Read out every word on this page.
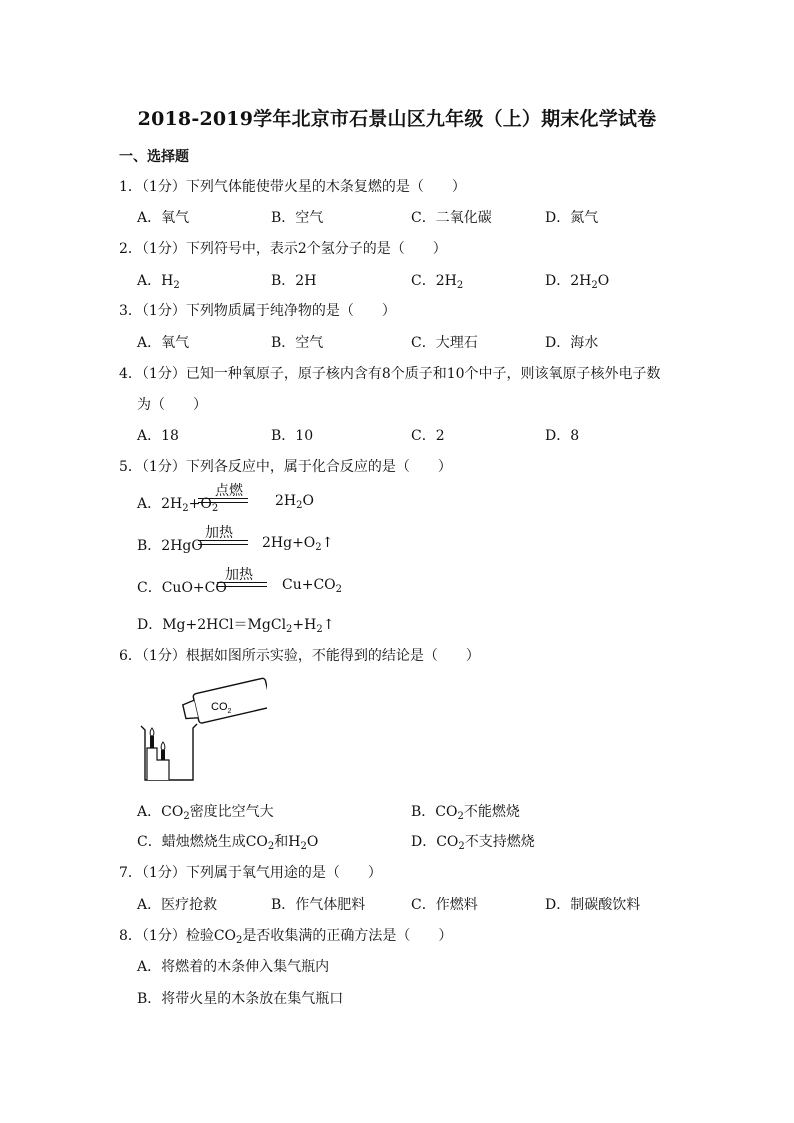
2018-2019学年北京市石景山区九年级（上）期末化学试卷
一、选择题
1．（1分）下列气体能使带火星的木条复燃的是（　　）
A．氧气	B．空气	C．二氧化碳	D．氮气
2．（1分）下列符号中，表示2个氢分子的是（　　）
A．$H_2$	B．2H	C．$2H_2$	D．$2H_2O$
3．（1分）下列物质属于纯净物的是（　　）
A．氧气	B．空气	C．大理石	D．海水
4．（1分）已知一种氧原子，原子核内含有8个质子和10个中子，则该氧原子核外电子数
为（　　）
A．18	B．10	C．2	D．8
5．（1分）下列各反应中，属于化合反应的是（　　）
A．$2H_2+O_2$
点燃
$2H_2O$
B．2HgO
加热
$2Hg+O_2↑$
C．CuO+CO
加热
$Cu+CO_2$
D．$Mg+2HCl=MgCl_2+H_2↑$
6．（1分）根据如图所示实验，不能得到的结论是（　　）
$CO_2$
A．$CO_2$密度比空气大	B．$CO_2$不能燃烧
C．蜡烛燃烧生成$CO_2$和$H_2O$	D．$CO_2$不支持燃烧
7．（1分）下列属于氧气用途的是（　　）
A．医疗抢救	B．作气体肥料	C．作燃料	D．制碳酸饮料
8．（1分）检验$CO_2$是否收集满的正确方法是（　　）
A．将燃着的木条伸入集气瓶内
B．将带火星的木条放在集气瓶口
